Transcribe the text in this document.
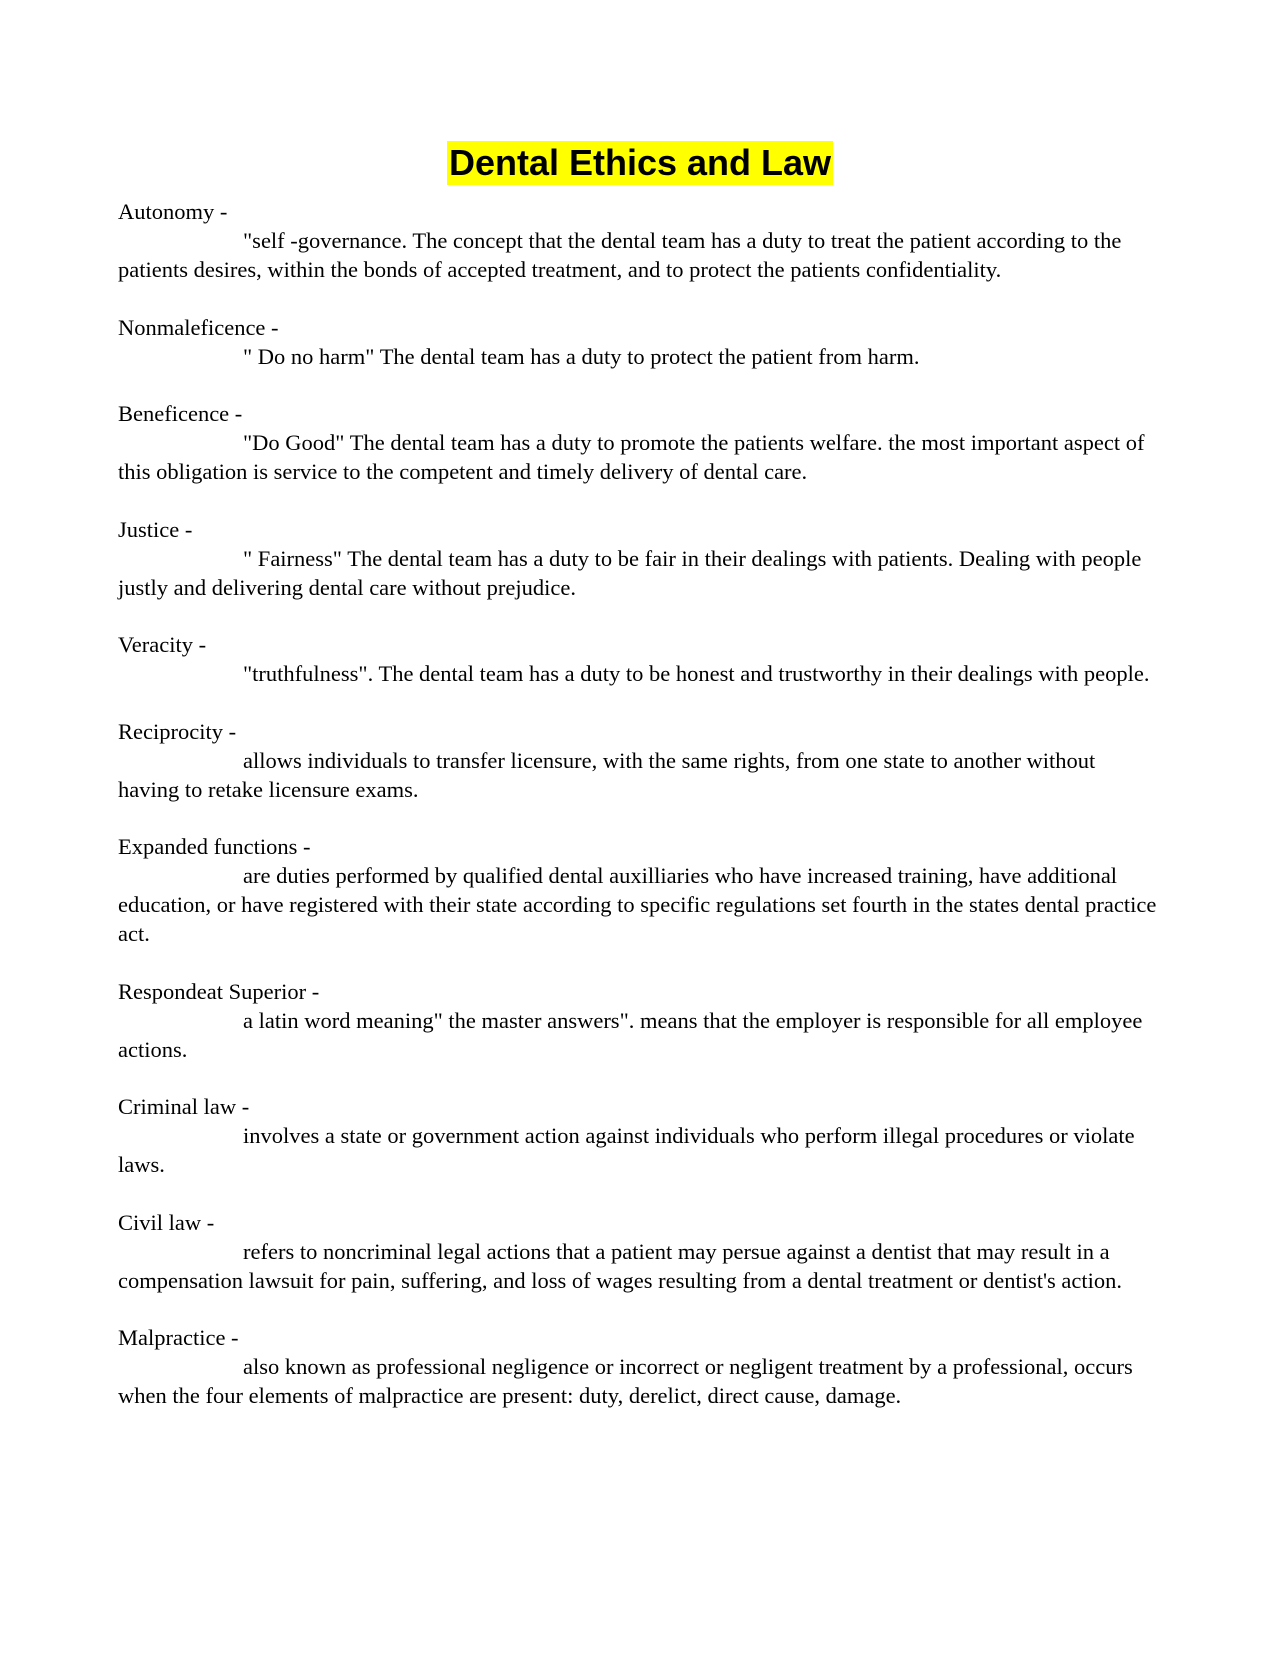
Dental Ethics and Law
Autonomy -
"self -governance. The concept that the dental team has a duty to treat the patient according to the patients desires, within the bonds of accepted treatment, and to protect the patients confidentiality.
Nonmaleficence -
" Do no harm" The dental team has a duty to protect the patient from harm.
Beneficence -
"Do Good" The dental team has a duty to promote the patients welfare. the most important aspect of this obligation is service to the competent and timely delivery of dental care.
Justice -
" Fairness" The dental team has a duty to be fair in their dealings with patients. Dealing with people justly and delivering dental care without prejudice.
Veracity -
"truthfulness". The dental team has a duty to be honest and trustworthy in their dealings with people.
Reciprocity -
allows individuals to transfer licensure, with the same rights, from one state to another without having to retake licensure exams.
Expanded functions -
are duties performed by qualified dental auxilliaries who have increased training, have additional education, or have registered with their state according to specific regulations set fourth in the states dental practice act.
Respondeat Superior -
a latin word meaning" the master answers". means that the employer is responsible for all employee actions.
Criminal law -
involves a state or government action against individuals who perform illegal procedures or violate laws.
Civil law -
refers to noncriminal legal actions that a patient may persue against a dentist that may result in a compensation lawsuit for pain, suffering, and loss of wages resulting from a dental treatment or dentist's action.
Malpractice -
also known as professional negligence or incorrect or negligent treatment by a professional, occurs when the four elements of malpractice are present: duty, derelict, direct cause, damage.
